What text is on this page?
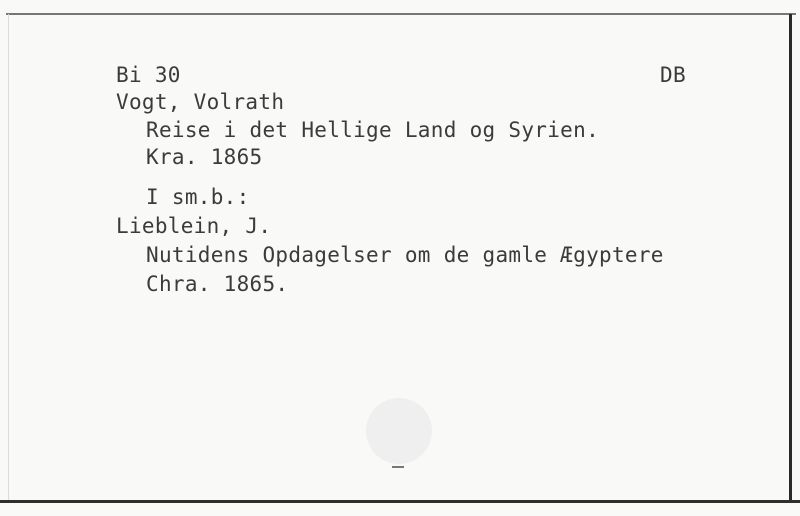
Bi 30	DB
Vogt, Volrath
Reise i det Hellige Land og Syrien.
Kra. 1865
I sm.b.:
Lieblein, J.
Nutidens Opdagelser om de gamle Ægyptere
Chra. 1865.
